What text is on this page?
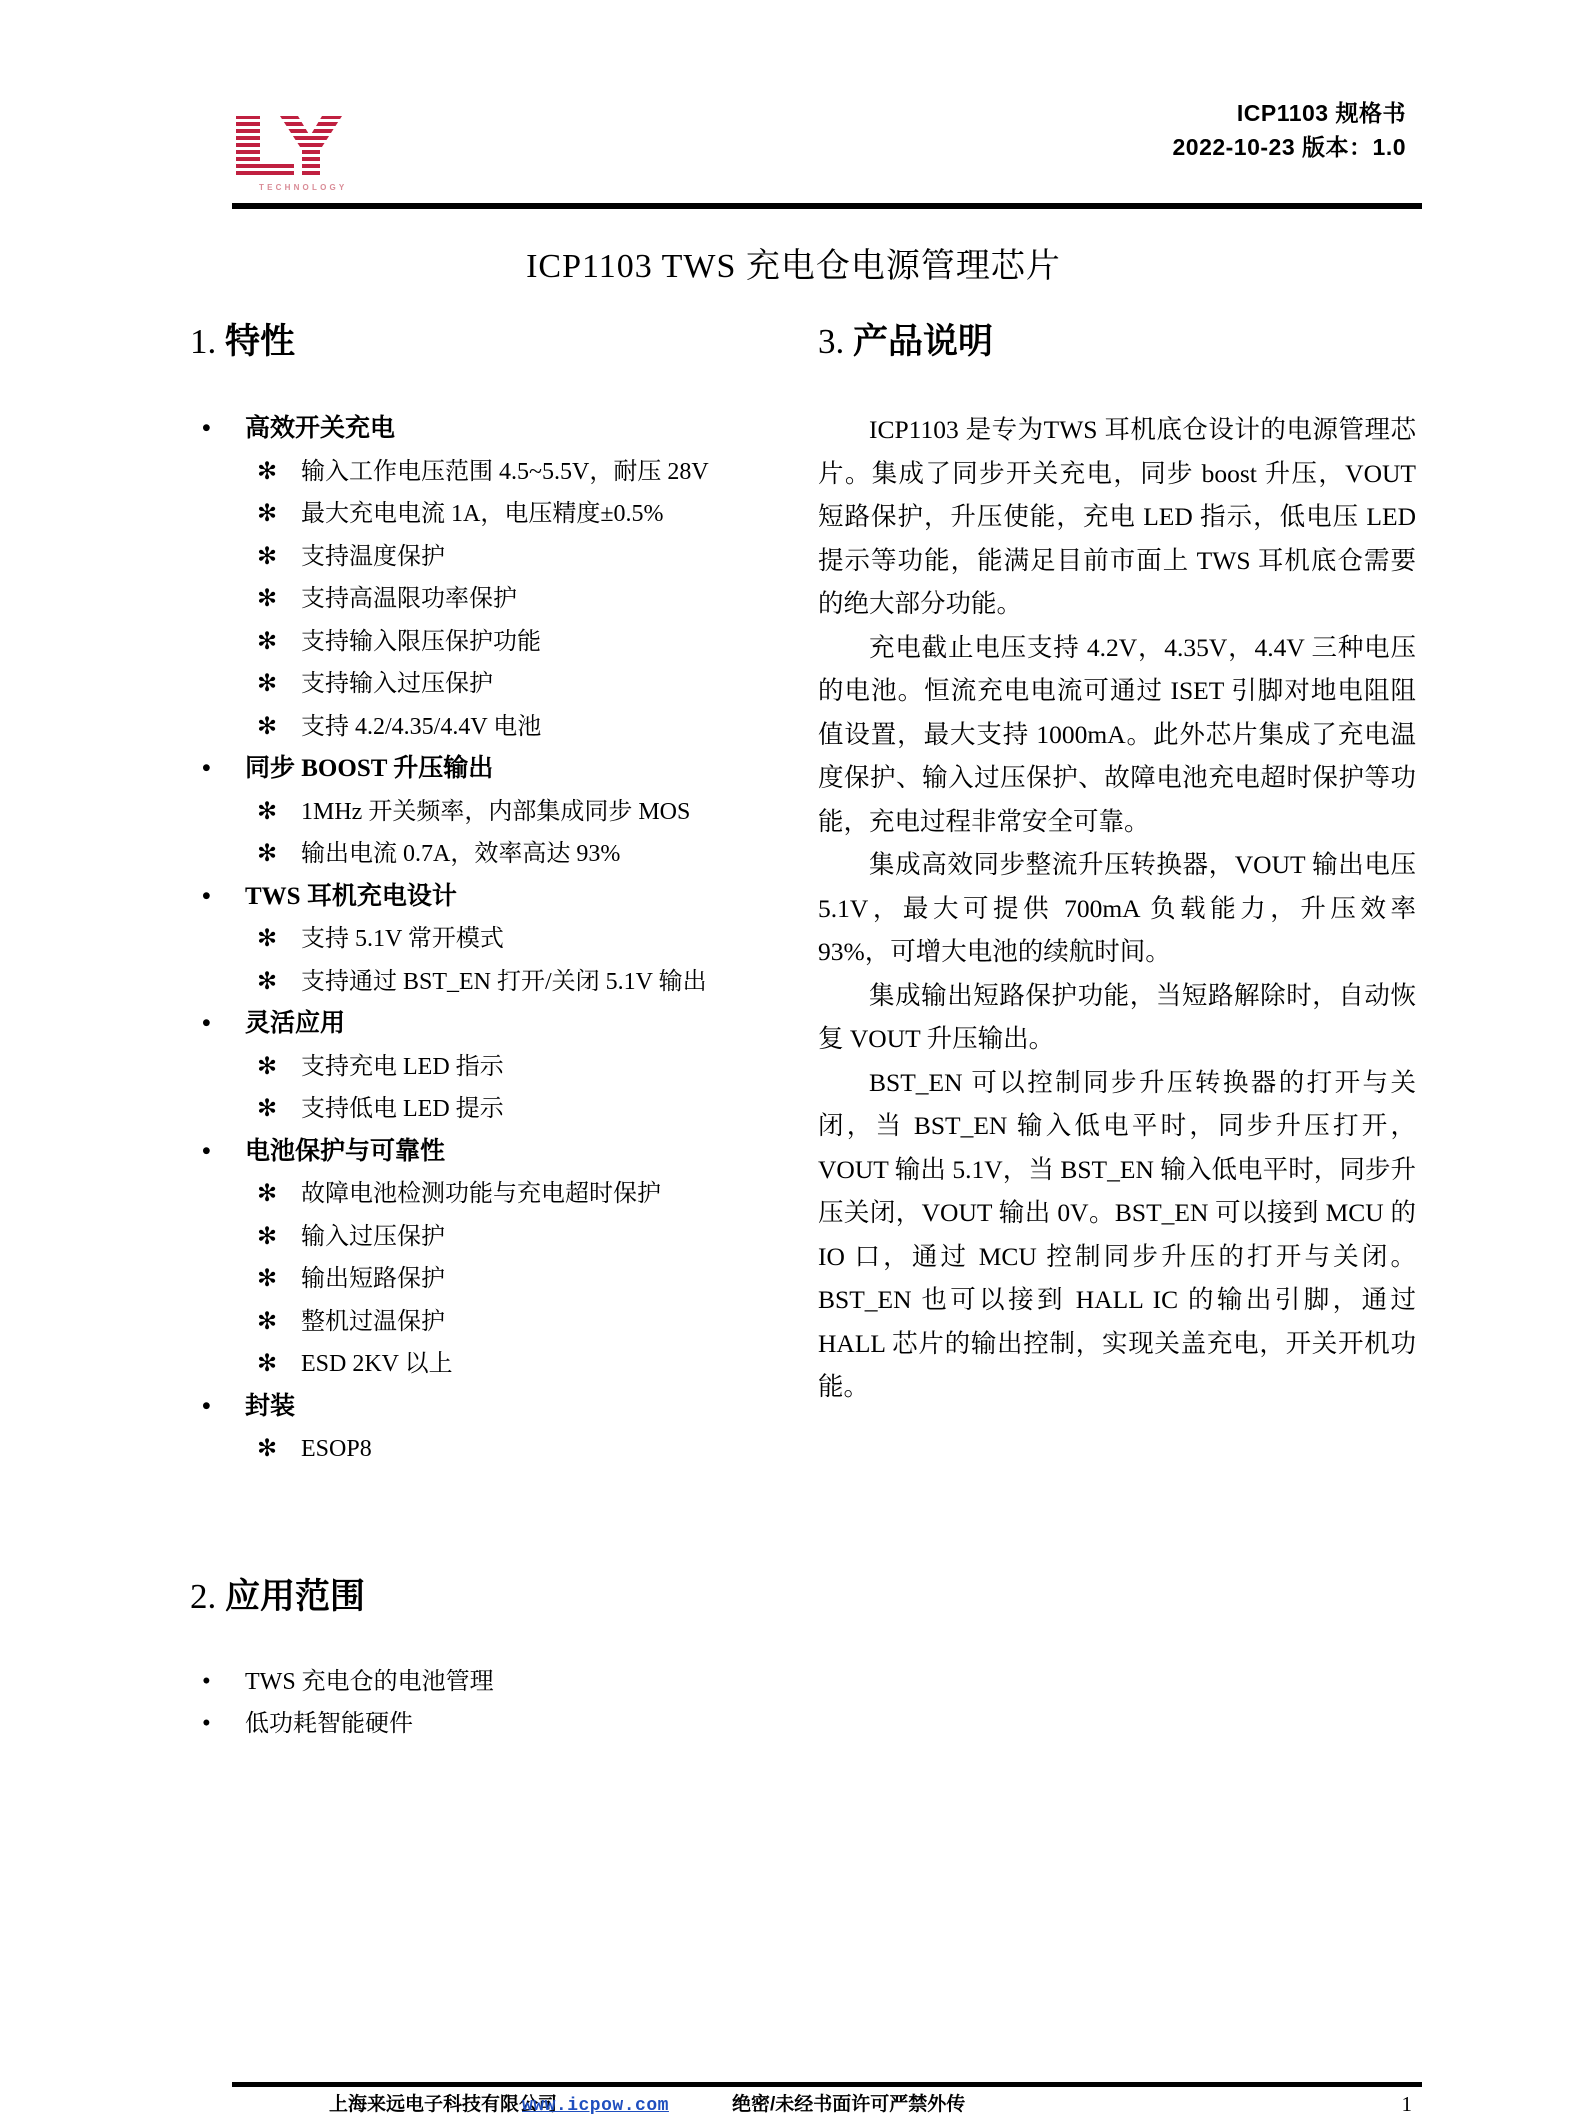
TECHNOLOGY
ICP1103 规格书
2022-10-23 版本：1.0
ICP1103 TWS 充电仓电源管理芯片
1. 特性
• 高效开关充电
✻ 输入工作电压范围 4.5~5.5V，耐压 28V
✻ 最大充电电流 1A，电压精度±0.5%
✻ 支持温度保护
✻ 支持高温限功率保护
✻ 支持输入限压保护功能
✻ 支持输入过压保护
✻ 支持 4.2/4.35/4.4V 电池
• 同步 BOOST 升压输出
✻ 1MHz 开关频率，内部集成同步 MOS
✻ 输出电流 0.7A，效率高达 93%
• TWS 耳机充电设计
✻ 支持 5.1V 常开模式
✻ 支持通过 BST_EN 打开/关闭 5.1V 输出
• 灵活应用
✻ 支持充电 LED 指示
✻ 支持低电 LED 提示
• 电池保护与可靠性
✻ 故障电池检测功能与充电超时保护
✻ 输入过压保护
✻ 输出短路保护
✻ 整机过温保护
✻ ESD 2KV 以上
• 封装
✻ ESOP8
2. 应用范围
• TWS 充电仓的电池管理
• 低功耗智能硬件
3. 产品说明

ICP1103 是专为TWS 耳机底仓设计的电源管理芯片。集成了同步开关充电，同步 boost 升压，VOUT 短路保护，升压使能，充电 LED 指示，低电压 LED 提示等功能，能满足目前市面上 TWS 耳机底仓需要的绝大部分功能。

充电截止电压支持 4.2V，4.35V，4.4V 三种电压的电池。恒流充电电流可通过 ISET 引脚对地电阻阻值设置，最大支持 1000mA。此外芯片集成了充电温度保护、输入过压保护、故障电池充电超时保护等功能，充电过程非常安全可靠。

集成高效同步整流升压转换器，VOUT 输出电压 5.1V，最大可提供 700mA 负载能力，升压效率 93%，可增大电池的续航时间。

集成输出短路保护功能，当短路解除时，自动恢复 VOUT 升压输出。

BST_EN 可以控制同步升压转换器的打开与关闭，当 BST_EN 输入低电平时，同步升压打开，VOUT 输出 5.1V，当 BST_EN 输入低电平时，同步升压关闭，VOUT 输出 0V。BST_EN 可以接到 MCU 的 IO 口，通过 MCU 控制同步升压的打开与关闭。BST_EN 也可以接到 HALL IC 的输出引脚，通过 HALL 芯片的输出控制，实现关盖充电，开关开机功能。

上海来远电子科技有限公司
www.icpow.com	绝密/未经书面许可严禁外传	1
